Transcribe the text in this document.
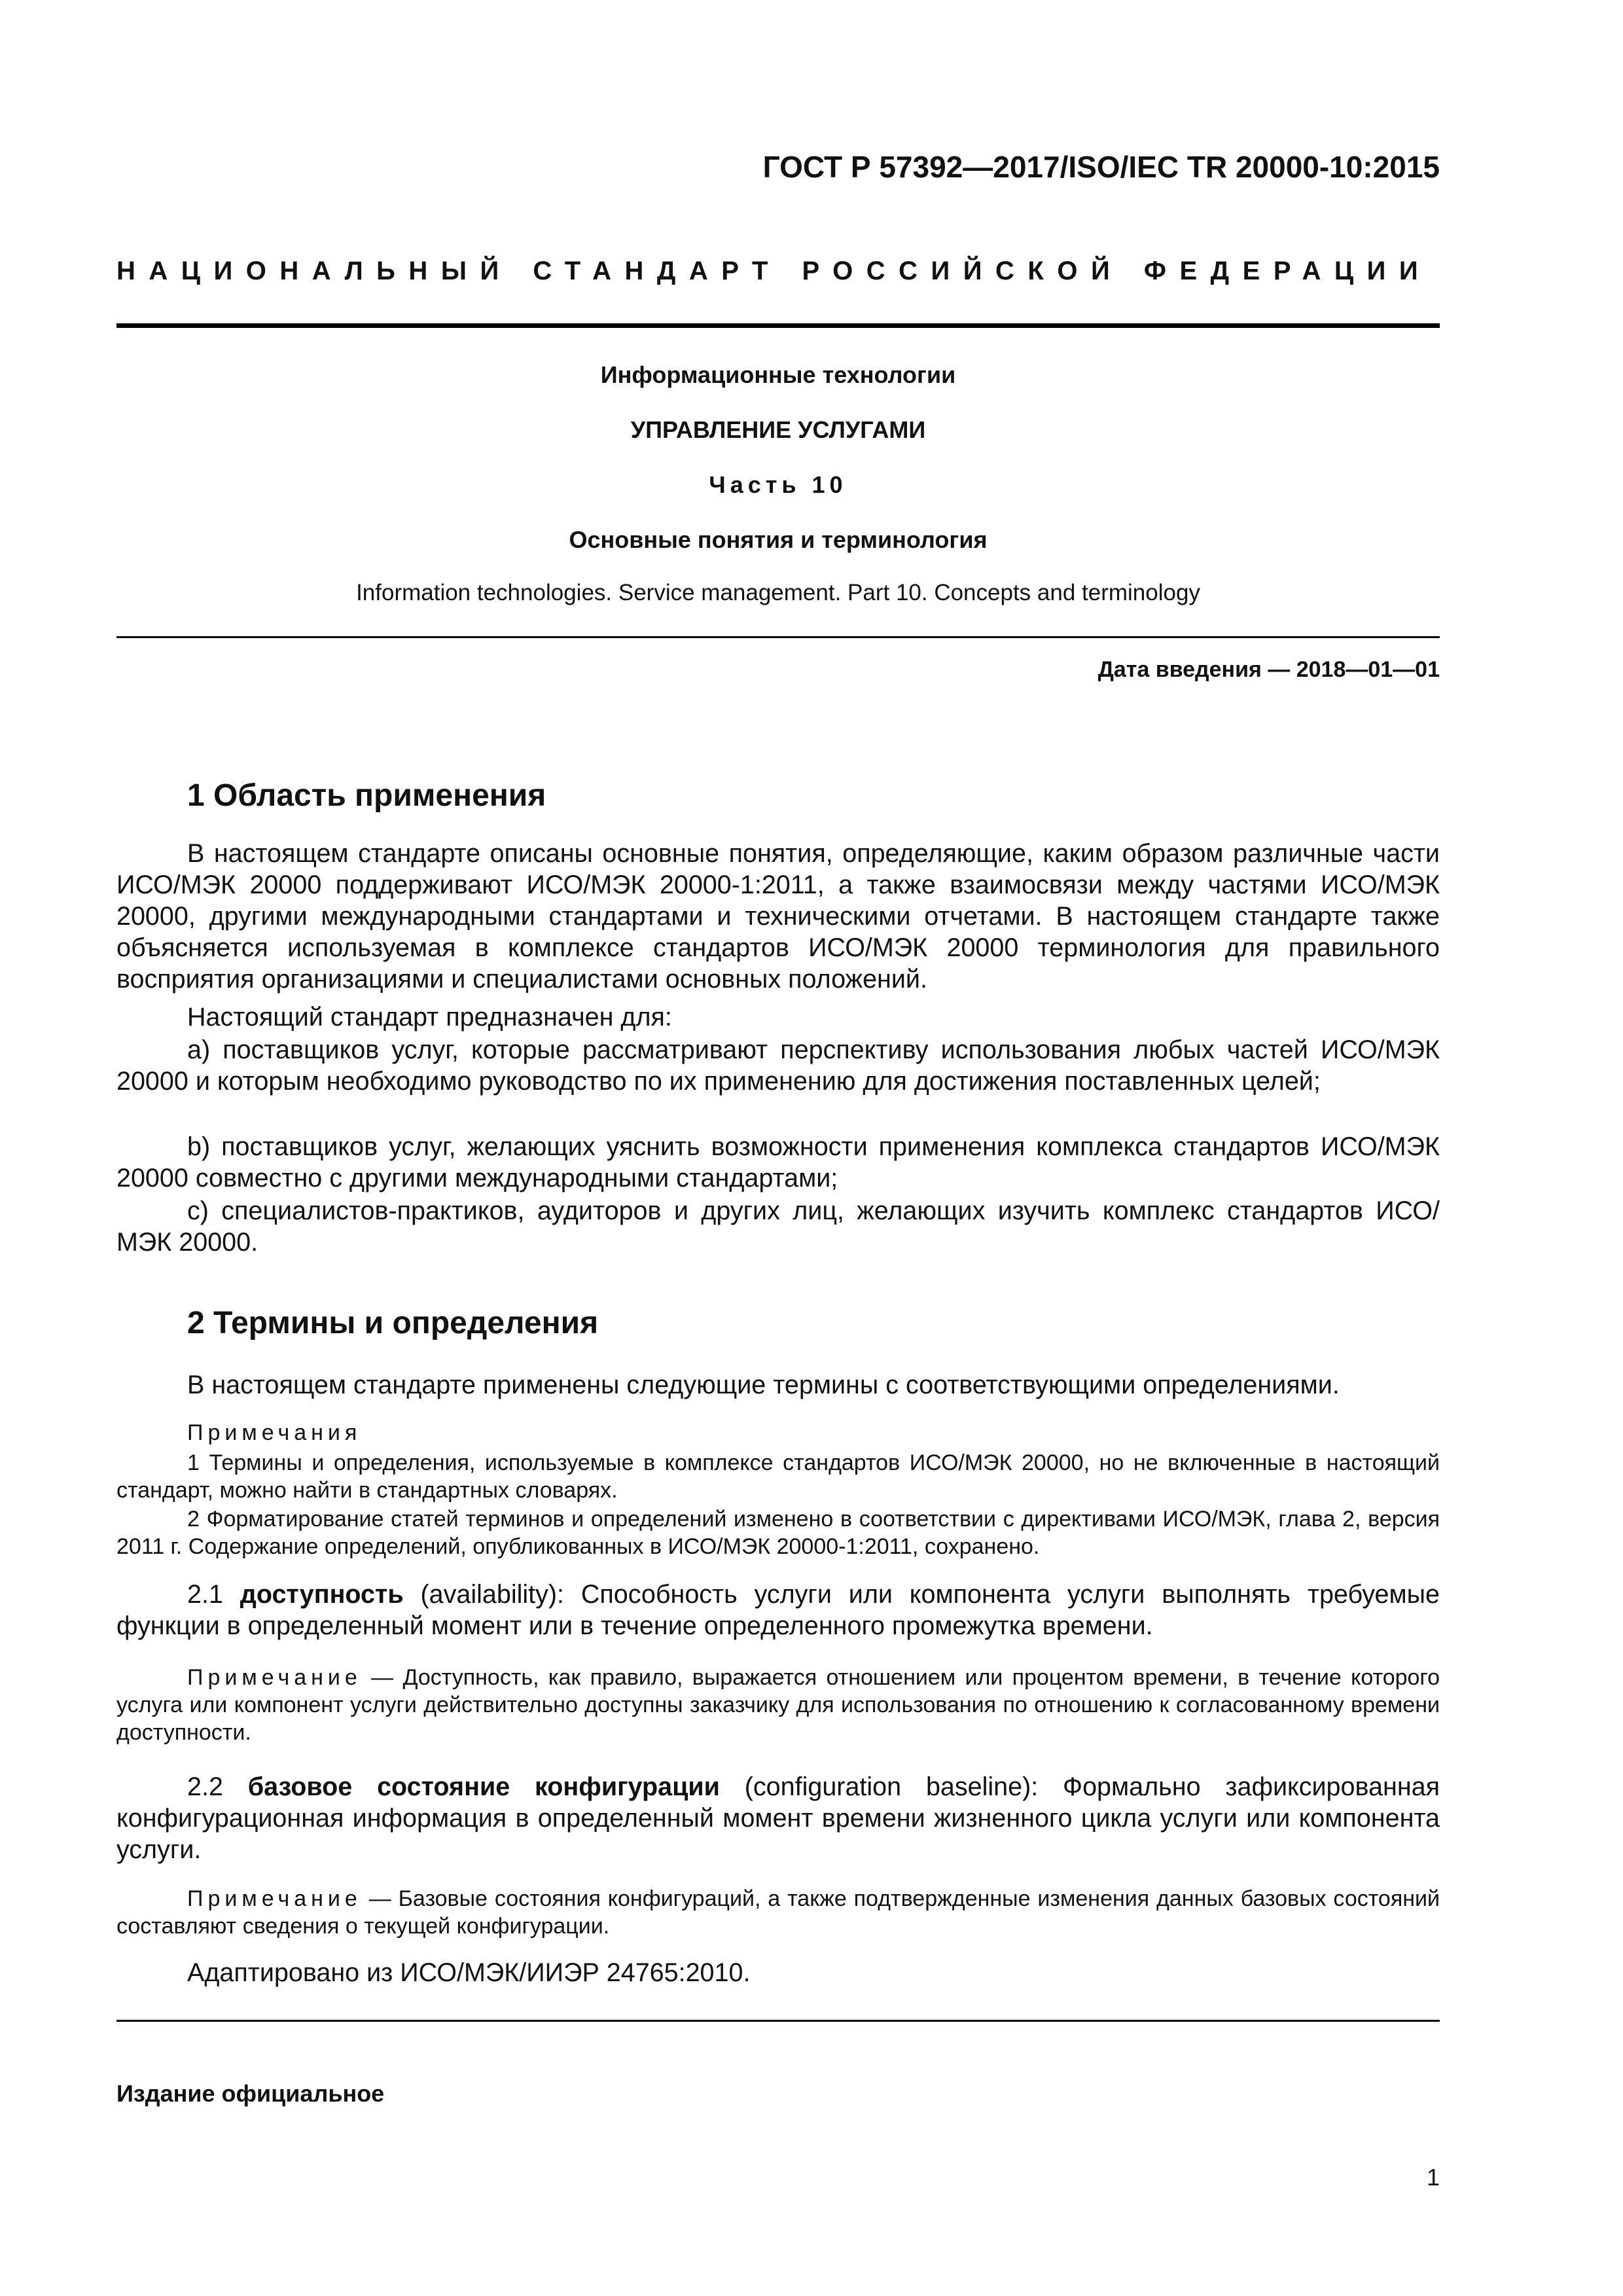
ГОСТ Р 57392—2017/ISO/IEC TR 20000-10:2015
НАЦИОНАЛЬНЫЙ СТАНДАРТ РОССИЙСКОЙ ФЕДЕРАЦИИ
Информационные технологии
УПРАВЛЕНИЕ УСЛУГАМИ
Часть 10
Основные понятия и терминология
Information technologies. Service management. Part 10. Concepts and terminology
Дата введения — 2018—01—01
1 Область применения
В настоящем стандарте описаны основные понятия, определяющие, каким образом различные части ИСО/МЭК 20000 поддерживают ИСО/МЭК 20000-1:2011, а также взаимосвязи между частями ИСО/МЭК 20000, другими международными стандартами и техническими отчетами. В настоящем стандарте также объясняется используемая в комплексе стандартов ИСО/МЭК 20000 терминология для правильного восприятия организациями и специалистами основных положений.
Настоящий стандарт предназначен для:
a) поставщиков услуг, которые рассматривают перспективу использования любых частей ИСО/МЭК 20000 и которым необходимо руководство по их применению для достижения поставленных целей;
b) поставщиков услуг, желающих уяснить возможности применения комплекса стандартов ИСО/МЭК 20000 совместно с другими международными стандартами;
c) специалистов-практиков, аудиторов и других лиц, желающих изучить комплекс стандартов ИСО/МЭК 20000.
2 Термины и определения
В настоящем стандарте применены следующие термины с соответствующими определениями.
Примечания
1 Термины и определения, используемые в комплексе стандартов ИСО/МЭК 20000, но не включенные в настоящий стандарт, можно найти в стандартных словарях.
2 Форматирование статей терминов и определений изменено в соответствии с директивами ИСО/МЭК, глава 2, версия 2011 г. Содержание определений, опубликованных в ИСО/МЭК 20000-1:2011, сохранено.
2.1 доступность (availability): Способность услуги или компонента услуги выполнять требуемые функции в определенный момент или в течение определенного промежутка времени.
Примечание — Доступность, как правило, выражается отношением или процентом времени, в течение которого услуга или компонент услуги действительно доступны заказчику для использования по отношению к согласованному времени доступности.
2.2 базовое состояние конфигурации (configuration baseline): Формально зафиксированная конфигурационная информация в определенный момент времени жизненного цикла услуги или компонента услуги.
Примечание — Базовые состояния конфигураций, а также подтвержденные изменения данных базовых состояний составляют сведения о текущей конфигурации.
Адаптировано из ИСО/МЭК/ИИЭР 24765:2010.
Издание официальное
1
